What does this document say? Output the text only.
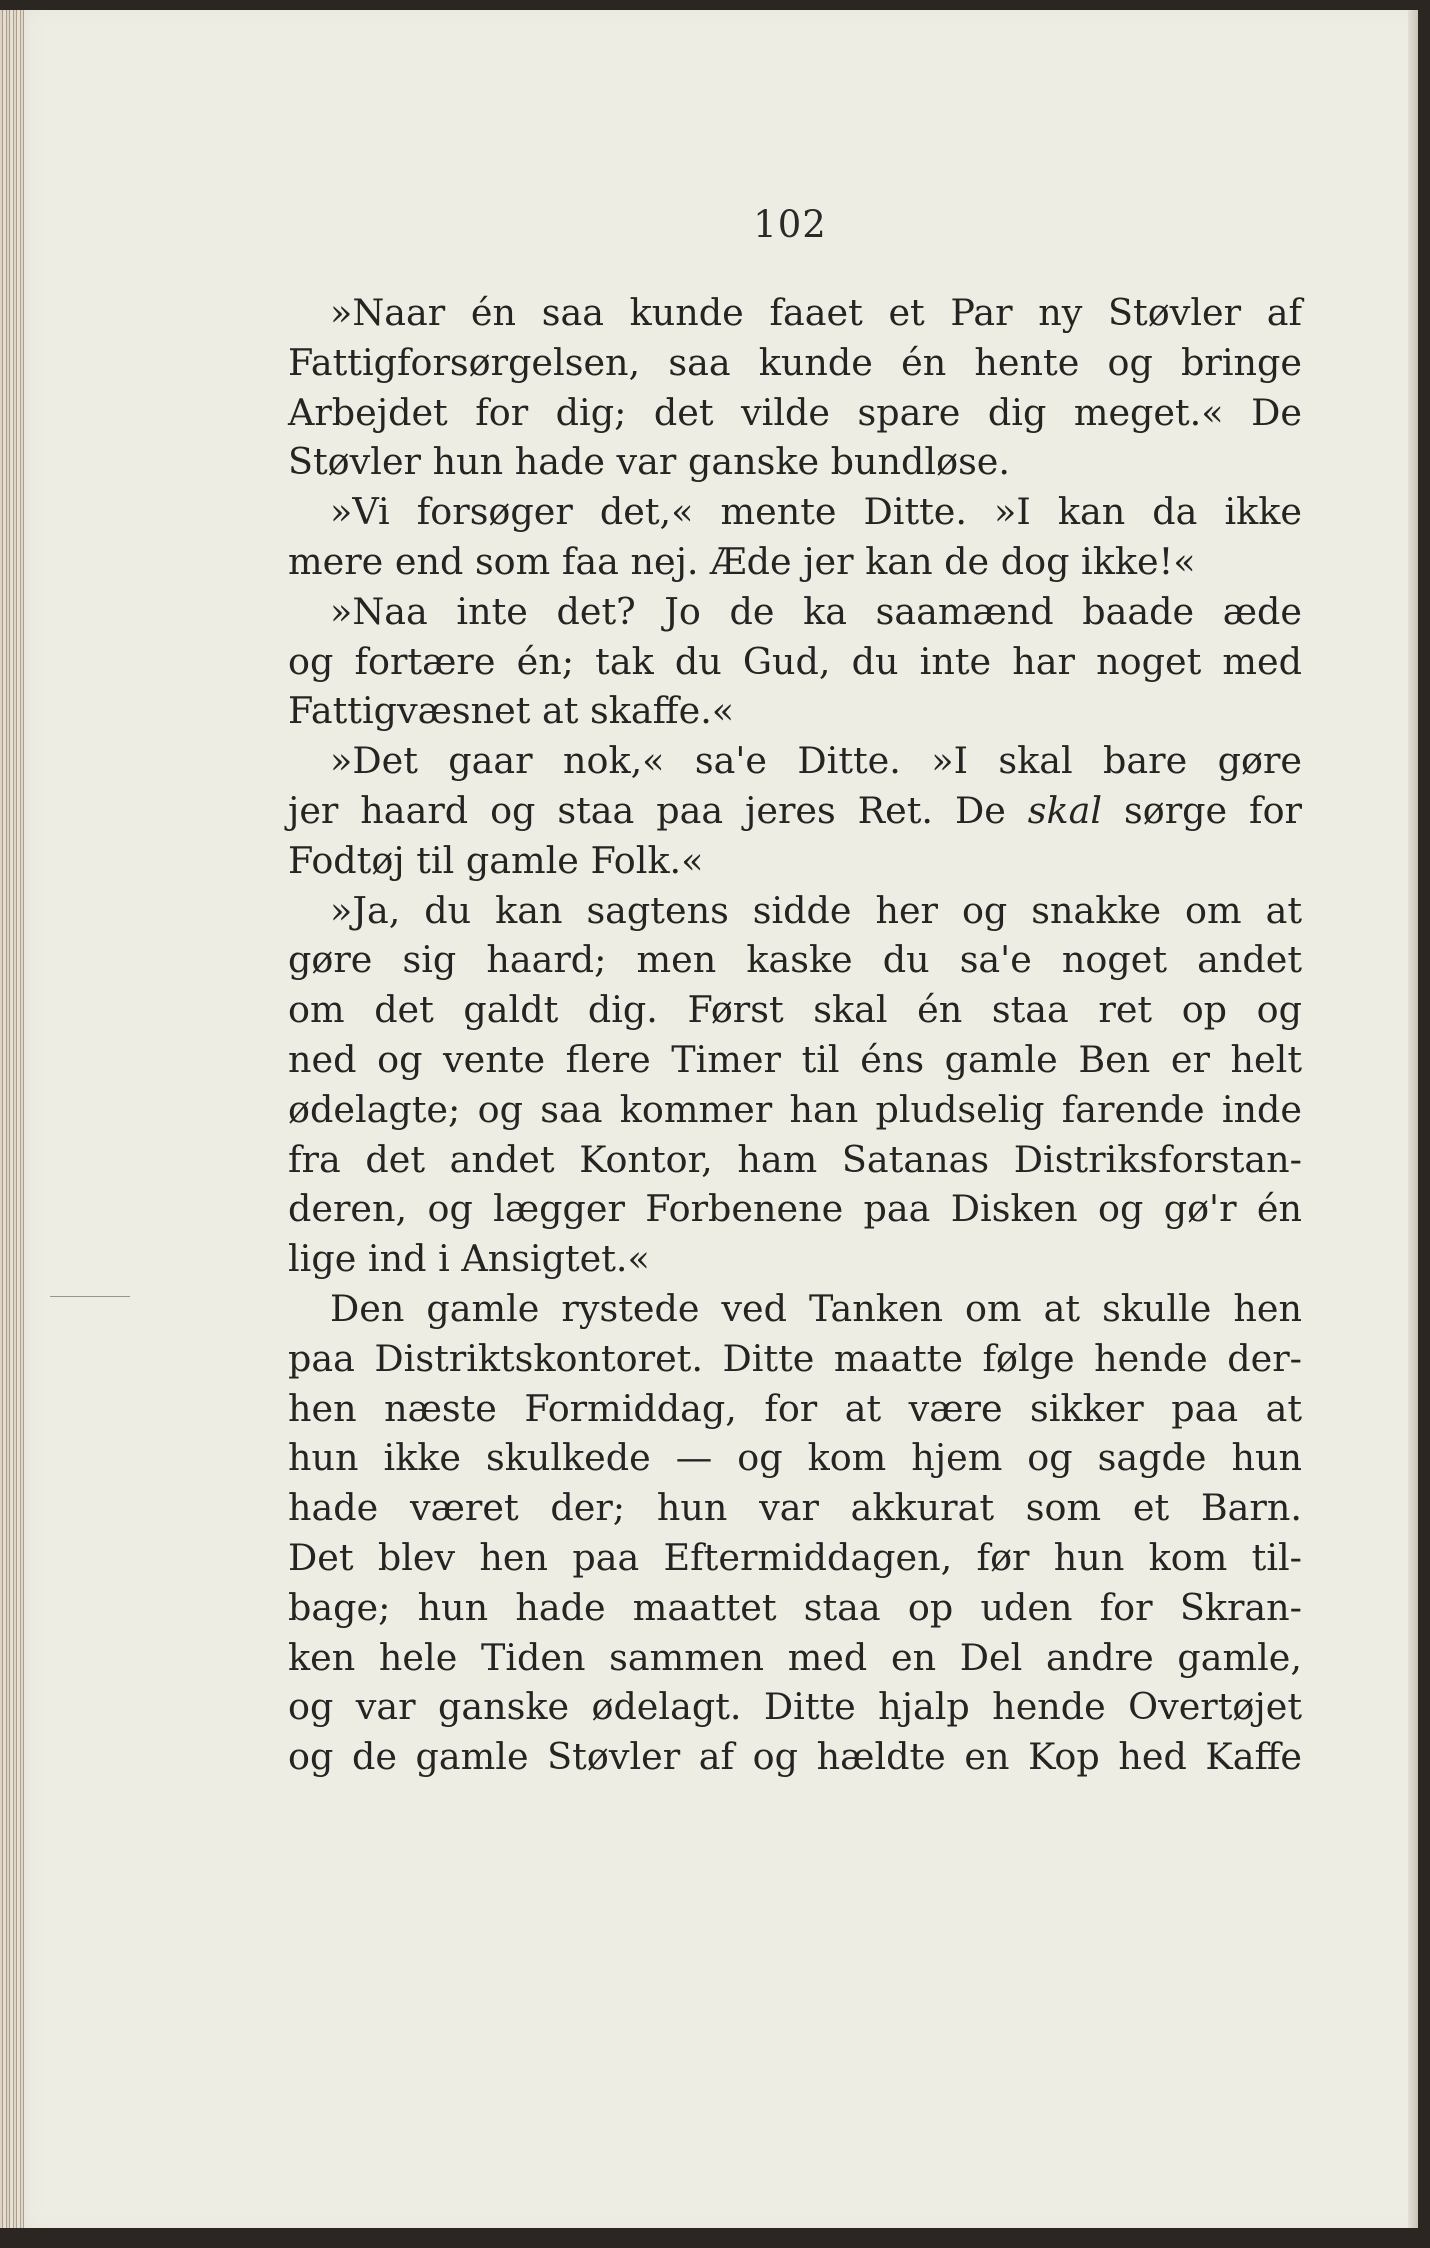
102
»Naar én saa kunde faaet et Par ny Støvler af
Fattigforsørgelsen, saa kunde én hente og bringe
Arbejdet for dig; det vilde spare dig meget.« De
Støvler hun hade var ganske bundløse.
»Vi forsøger det,« mente Ditte. »I kan da ikke
mere end som faa nej. Æde jer kan de dog ikke!«
»Naa inte det? Jo de ka saamænd baade æde
og fortære én; tak du Gud, du inte har noget med
Fattigvæsnet at skaffe.«
»Det gaar nok,« sa'e Ditte. »I skal bare gøre
jer haard og staa paa jeres Ret. De skal sørge for
Fodtøj til gamle Folk.«
»Ja, du kan sagtens sidde her og snakke om at
gøre sig haard; men kaske du sa'e noget andet
om det galdt dig. Først skal én staa ret op og
ned og vente flere Timer til éns gamle Ben er helt
ødelagte; og saa kommer han pludselig farende inde
fra det andet Kontor, ham Satanas Distriksforstan-
deren, og lægger Forbenene paa Disken og gø'r én
lige ind i Ansigtet.«
Den gamle rystede ved Tanken om at skulle hen
paa Distriktskontoret. Ditte maatte følge hende der-
hen næste Formiddag, for at være sikker paa at
hun ikke skulkede — og kom hjem og sagde hun
hade været der; hun var akkurat som et Barn.
Det blev hen paa Eftermiddagen, før hun kom til-
bage; hun hade maattet staa op uden for Skran-
ken hele Tiden sammen med en Del andre gamle,
og var ganske ødelagt. Ditte hjalp hende Overtøjet
og de gamle Støvler af og hældte en Kop hed Kaffe
